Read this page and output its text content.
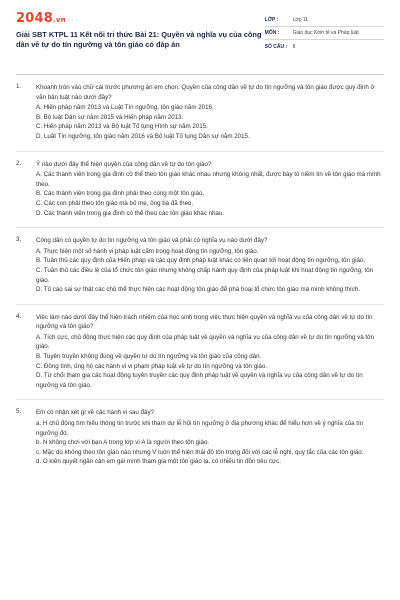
2048.vn
Giải SBT KTPL 11 Kết nối tri thức Bài 21: Quyền và nghĩa vụ của công dân về tự do tín ngưỡng và tôn giáo có đáp án
LỚP :	Lớp 11
MÔN :	Giáo dục Kinh tế và Pháp luật
SỐ CÂU :	8
1.	Khoanh tròn vào chữ cái trước phương án em chọn. Quyền của công dân về tự do tín ngưỡng và tôn giáo được quy định ở văn bản luật nào dưới đây?
A. Hiến pháp năm 2013 và Luật Tín ngưỡng, tôn giáo năm 2016.
B. Bộ luật Dân sự năm 2015 và Hiến pháp năm 2013.
C. Hiến pháp năm 2013 và Bộ luật Tố tụng Hình sự năm 2015.
D. Luật Tín ngưỡng, tôn giáo năm 2016 và Bộ luật Tố tụng Dân sự năm 2015.
2.	Ý nào dưới đây thể hiện quyền của công dân về tự do tôn giáo?
A. Các thành viên trong gia đình có thể theo tôn giáo khác nhau nhưng không nhất, được bày tỏ niềm tin về tôn giáo mà mình theo.
B. Các thành viên trong gia đình phải theo cùng một tôn giáo.
C. Các con phải theo tôn giáo mà bố mẹ, ông bà đã theo.
D. Các thành viên trong gia đình có thể theo các tôn giáo khác nhau.
3.	Công dân có quyền tự do tín ngưỡng và tôn giáo và phải có nghĩa vụ nào dưới đây?
A. Thực hiện một số hành vi pháp luật cấm trong hoạt động tín ngưỡng, tôn giáo.
B. Tuân thủ các quy định của Hiến pháp và các quy định pháp luật khác có liên quan tới hoạt động tín ngưỡng, tôn giáo.
C. Tuân thủ các điều lệ của tổ chức tôn giáo nhưng không chấp hành quy định của pháp luật khi hoạt động tín ngưỡng, tôn giáo.
D. Tố cáo sai sự thật các chủ thể thực hiện các hoạt động tôn giáo để phá hoại tổ chức tôn giáo mà mình không thích.
4.	Việc làm nào dưới đây thể hiện trách nhiệm của học sinh trong việc thực hiện quyền và nghĩa vụ của công dân về tự do tín ngưỡng và tôn giáo?
A. Tích cực, chủ động thực hiện các quy định của pháp luật về quyền và nghĩa vụ của công dân về tự do tín ngưỡng và tôn giáo.
B. Tuyên truyền không đúng về quyền tự do tín ngưỡng và tôn giáo của công dân.
C. Đồng tình, ủng hộ các hành vi vi phạm pháp luật về tự do tín ngưỡng và tôn giáo.
D. Từ chối tham gia các hoạt động tuyên truyền các quy định pháp luật về quyền và nghĩa vụ của công dân về tự do tín ngưỡng và tôn giáo.
5.	Em có nhận xét gì về các hành vi sau đây?
a. H chủ động tìm hiểu thông tin trước khi tham dự lễ hội tín ngưỡng ở địa phương khác để hiểu hơn về ý nghĩa của tín ngưỡng đó.
b. N không chơi với bạn A trong lớp vì A là người theo tôn giáo.
c. Mặc dù không theo tôn giáo nào nhưng V luôn thể hiện thái độ tôn trọng đối với các lễ nghi, quy tắc của các tôn giáo.
d. O kiên quyết ngăn cản em gái mình tham gia một tôn giáo lạ, có nhiều tin đồn tiêu cực.
